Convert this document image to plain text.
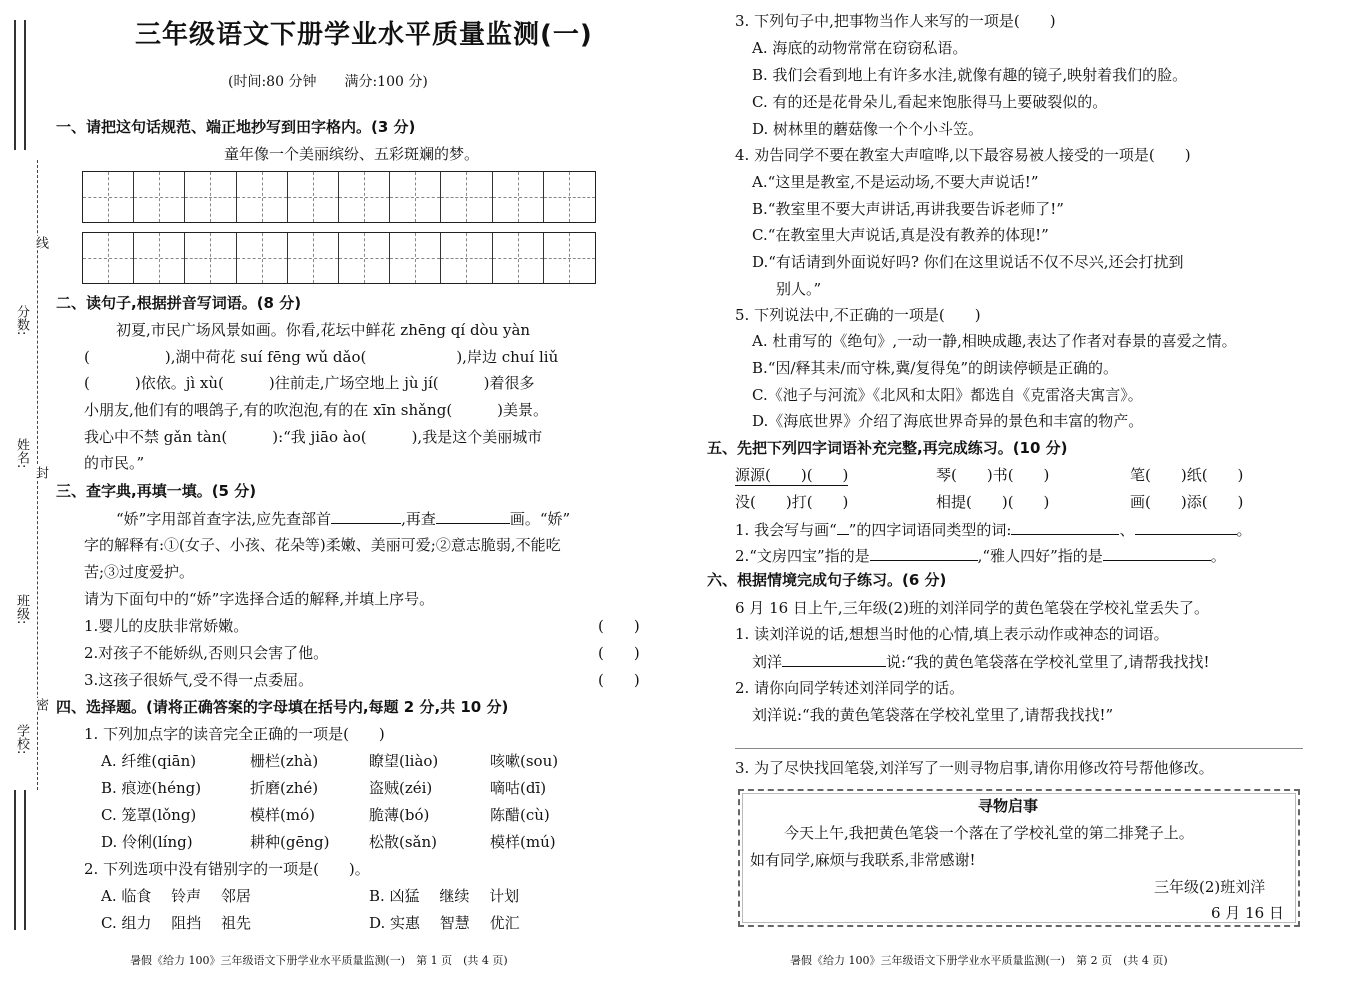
分数:
线
姓名:
封
班级:
密
学校:
三年级语文下册学业水平质量监测(一)
(时间:80 分钟　　满分:100 分)
一、请把这句话规范、端正地抄写到田字格内。(3 分)
童年像一个美丽缤纷、五彩斑斓的梦。
二、读句子,根据拼音写词语。(8 分)
初夏,市民广场风景如画。你看,花坛中鲜花 zhēng qí dòu yàn
(　　　　　),湖中荷花 suí fēng wǔ dǎo(　　　　　　),岸边 chuí liǔ
(　　　)依依。jì xù(　　　)往前走,广场空地上 jù jí(　　　)着很多
小朋友,他们有的喂鸽子,有的吹泡泡,有的在 xīn shǎng(　　　)美景。
我心中不禁 gǎn tàn(　　　):“我 jiāo ào(　　　),我是这个美丽城市
的市民。”
三、查字典,再填一填。(5 分)
“娇”字用部首查字法,应先查部首	,再查	画。“娇”
字的解释有:①(女子、小孩、花朵等)柔嫩、美丽可爱;②意志脆弱,不能吃
苦;③过度爱护。
请为下面句中的“娇”字选择合适的解释,并填上序号。
1.婴儿的皮肤非常娇嫩。	(　　)
2.对孩子不能娇纵,否则只会害了他。	(　　)
3.这孩子很娇气,受不得一点委屈。	(　　)
四、选择题。(请将正确答案的字母填在括号内,每题 2 分,共 10 分)
1. 下列加点字的读音完全正确的一项是(　　)
A. 纤维(qiān)	栅栏(zhà)	瞭望(liào)	咳嗽(sou)
B. 痕迹(héng)	折磨(zhé)	盗贼(zéi)	嘀咕(dī)
C. 笼罩(lǒng)	模样(mó)	脆薄(bó)	陈醋(cù)
D. 伶俐(líng)	耕种(gēng)	松散(sǎn)	模样(mú)
2. 下列选项中没有错别字的一项是(　　)。
A. 临食　 铃声　 邻居	B. 凶猛　 继续　 计划
C. 组力　 阻挡　 祖先	D. 实惠　 智慧　 优汇
3. 下列句子中,把事物当作人来写的一项是(　　)
A. 海底的动物常常在窃窃私语。
B. 我们会看到地上有许多水洼,就像有趣的镜子,映射着我们的脸。
C. 有的还是花骨朵儿,看起来饱胀得马上要破裂似的。
D. 树林里的蘑菇像一个个小斗笠。
4. 劝告同学不要在教室大声喧哗,以下最容易被人接受的一项是(　　)
A.“这里是教室,不是运动场,不要大声说话!”
B.“教室里不要大声讲话,再讲我要告诉老师了!”
C.“在教室里大声说话,真是没有教养的体现!”
D.“有话请到外面说好吗? 你们在这里说话不仅不尽兴,还会打扰到
别人。”
5. 下列说法中,不正确的一项是(　　)
A. 杜甫写的《绝句》,一动一静,相映成趣,表达了作者对春景的喜爱之情。
B.“因/释其耒/而守株,冀/复得兔”的朗读停顿是正确的。
C.《池子与河流》《北风和太阳》都选自《克雷洛夫寓言》。
D.《海底世界》介绍了海底世界奇异的景色和丰富的物产。
五、先把下列四字词语补充完整,再完成练习。(10 分)
源源(　　)(　　)	琴(　　)书(　　)	笔(　　)纸(　　)
没(　　)打(　　)	相提(　　)(　　)	画(　　)添(　　)
1. 我会写与画“ ”的四字词语同类型的词:	、	。
2.“文房四宝”指的是	,“雅人四好”指的是	。
六、根据情境完成句子练习。(6 分)
6 月 16 日上午,三年级(2)班的刘洋同学的黄色笔袋在学校礼堂丢失了。
1. 读刘洋说的话,想想当时他的心情,填上表示动作或神态的词语。
刘洋	说:“我的黄色笔袋落在学校礼堂里了,请帮我找找!
2. 请你向同学转述刘洋同学的话。
刘洋说:“我的黄色笔袋落在学校礼堂里了,请帮我找找!”
3. 为了尽快找回笔袋,刘洋写了一则寻物启事,请你用修改符号帮他修改。
寻物启事
今天上午,我把黄色笔袋一个落在了学校礼堂的第二排凳子上。
如有同学,麻烦与我联系,非常感谢!
三年级(2)班刘洋
6 月 16 日
暑假《给力 100》三年级语文下册学业水平质量监测(一)　第 1 页　(共 4 页)	暑假《给力 100》三年级语文下册学业水平质量监测(一)　第 2 页　(共 4 页)
